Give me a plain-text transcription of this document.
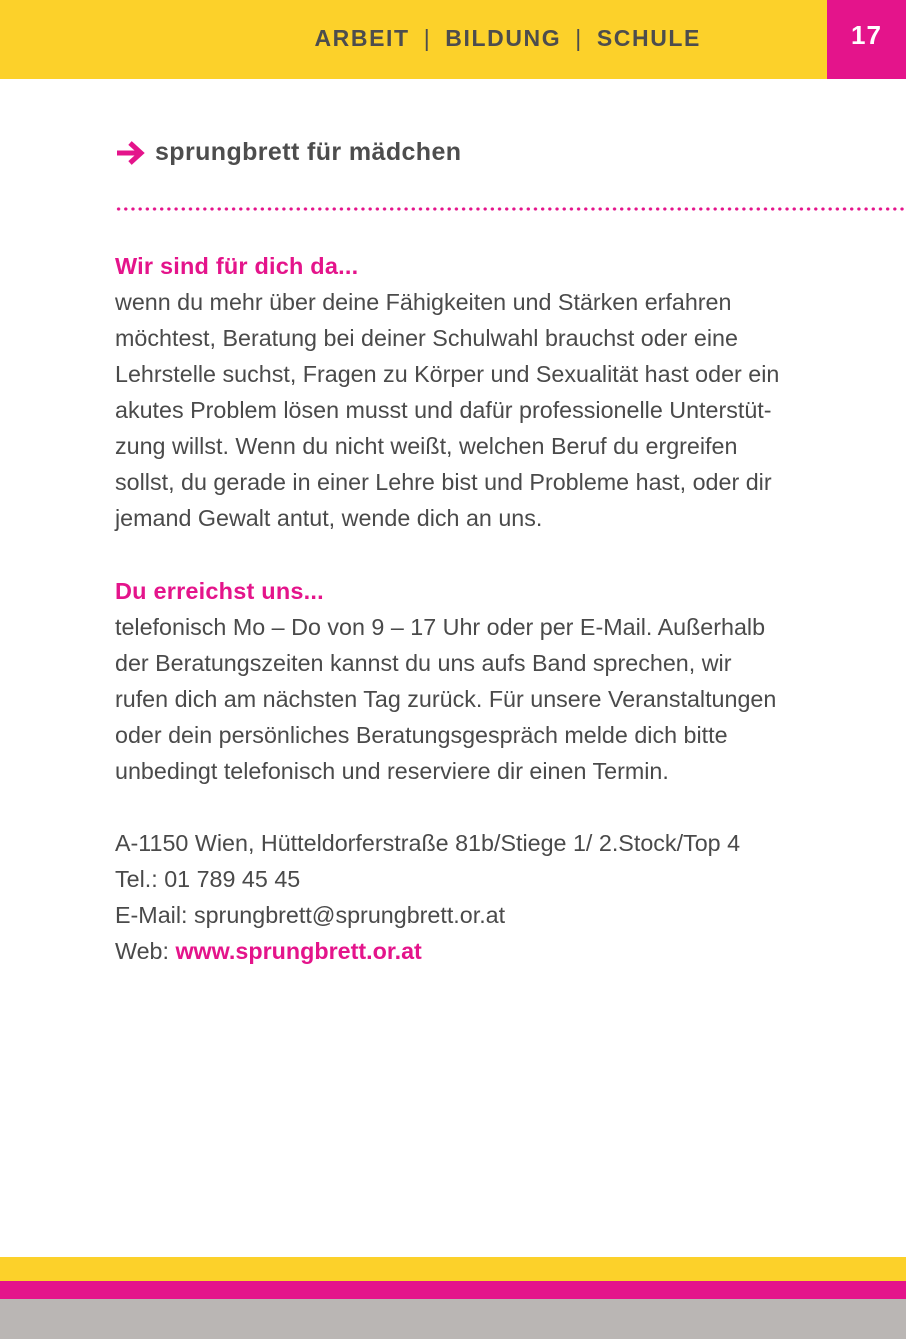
ARBEIT | BILDUNG | SCHULE	17
sprungbrett für mädchen

Wir sind für dich da...

wenn du mehr über deine Fähigkeiten und Stärken erfahren
möchtest, Beratung bei deiner Schulwahl brauchst oder eine
Lehrstelle suchst, Fragen zu Körper und Sexualität hast oder ein
akutes Problem lösen musst und dafür professionelle Unterstüt-
zung willst. Wenn du nicht weißt, welchen Beruf du ergreifen
sollst, du gerade in einer Lehre bist und Probleme hast, oder dir
jemand Gewalt antut, wende dich an uns.

Du erreichst uns...

telefonisch Mo – Do von 9 – 17 Uhr oder per E-Mail. Außerhalb
der Beratungszeiten kannst du uns aufs Band sprechen, wir
rufen dich am nächsten Tag zurück. Für unsere Veranstaltungen
oder dein persönliches Beratungsgespräch melde dich bitte
unbedingt telefonisch und reserviere dir einen Termin.

A-1150 Wien, Hütteldorferstraße 81b/Stiege 1/ 2.Stock/Top 4

Tel.: 01 789 45 45

E-Mail: sprungbrett@sprungbrett.or.at

Web: www.sprungbrett.or.at
